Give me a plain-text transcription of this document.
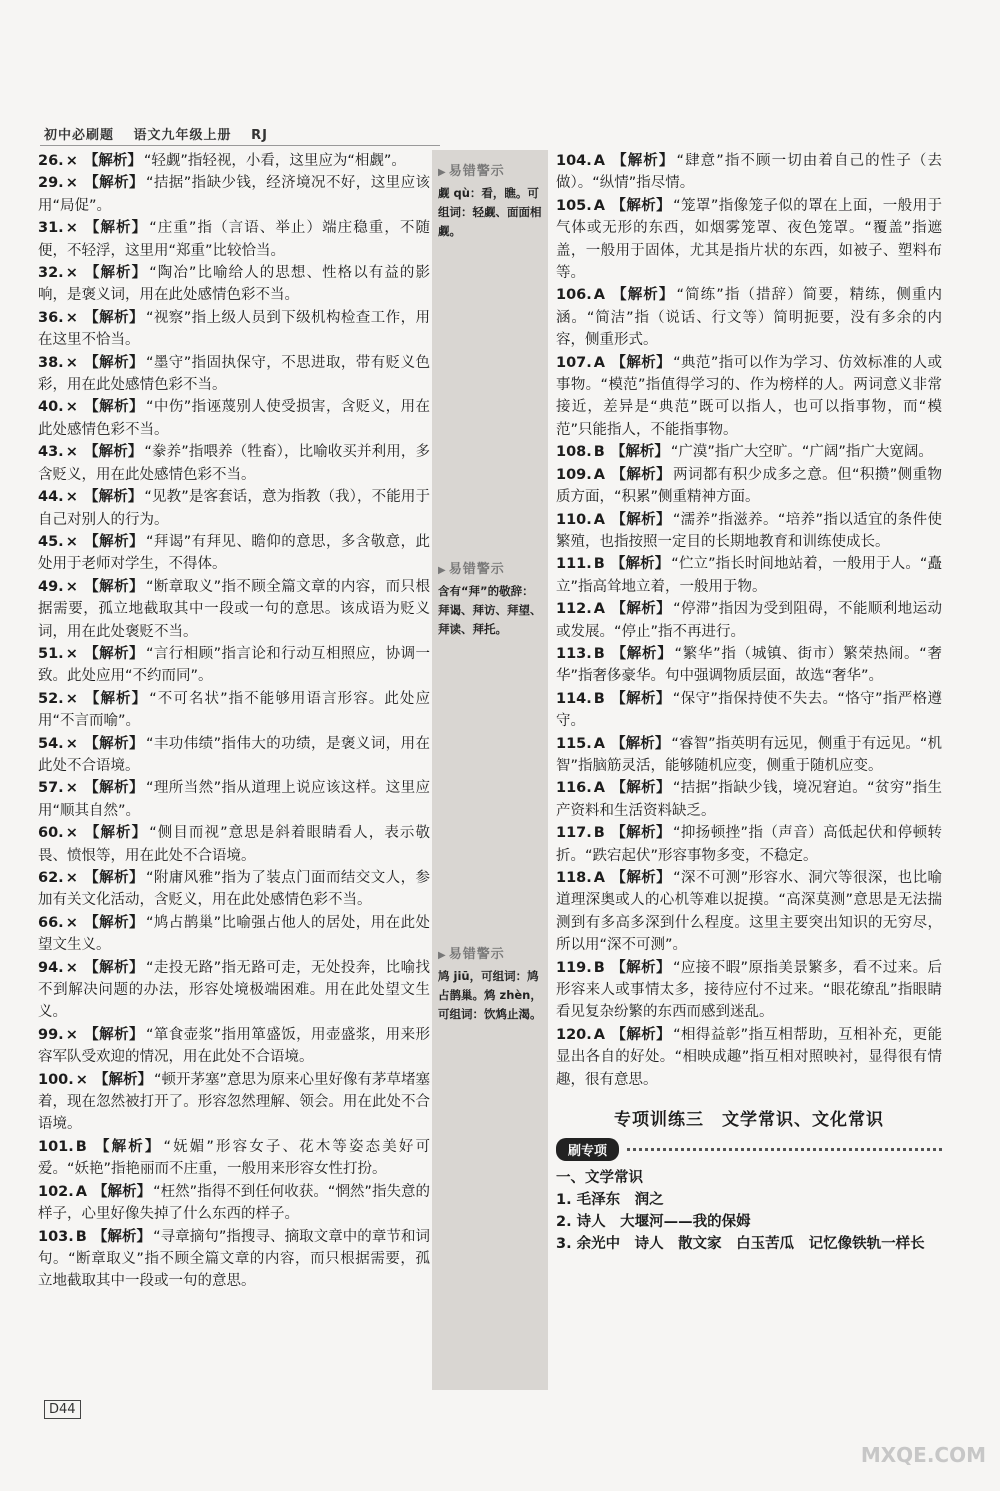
初中必刷题 语文九年级上册 RJ
26. × 【解析】 “轻觑”指轻视，小看，这里应为“相觑”。
29. × 【解析】 “拮据”指缺少钱，经济境况不好，这里应该用“局促”。
31. × 【解析】 “庄重”指（言语、举止）端庄稳重，不随便，不轻浮，这里用“郑重”比较恰当。
32. × 【解析】 “陶冶”比喻给人的思想、性格以有益的影响，是褒义词，用在此处感情色彩不当。
36. × 【解析】 “视察”指上级人员到下级机构检查工作，用在这里不恰当。
38. × 【解析】 “墨守”指固执保守，不思进取，带有贬义色彩，用在此处感情色彩不当。
40. × 【解析】 “中伤”指诬蔑别人使受损害，含贬义，用在此处感情色彩不当。
43. × 【解析】 “豢养”指喂养（牲畜），比喻收买并利用，多含贬义，用在此处感情色彩不当。
44. × 【解析】 “见教”是客套话，意为指教（我），不能用于自己对别人的行为。
45. × 【解析】 “拜谒”有拜见、瞻仰的意思，多含敬意，此处用于老师对学生，不得体。
49. × 【解析】 “断章取义”指不顾全篇文章的内容，而只根据需要，孤立地截取其中一段或一句的意思。该成语为贬义词，用在此处褒贬不当。
51. × 【解析】 “言行相顾”指言论和行动互相照应，协调一致。此处应用“不约而同”。
52. × 【解析】 “不可名状”指不能够用语言形容。此处应用“不言而喻”。
54. × 【解析】 “丰功伟绩”指伟大的功绩，是褒义词，用在此处不合语境。
57. × 【解析】 “理所当然”指从道理上说应该这样。这里应用“顺其自然”。
60. × 【解析】 “侧目而视”意思是斜着眼睛看人，表示敬畏、愤恨等，用在此处不合语境。
62. × 【解析】 “附庸风雅”指为了装点门面而结交文人，参加有关文化活动，含贬义，用在此处感情色彩不当。
66. × 【解析】 “鸠占鹊巢”比喻强占他人的居处，用在此处望文生义。
94. × 【解析】 “走投无路”指无路可走，无处投奔，比喻找不到解决问题的办法，形容处境极端困难。用在此处望文生义。
99. × 【解析】 “箪食壶浆”指用箪盛饭，用壶盛浆，用来形容军队受欢迎的情况，用在此处不合语境。
100. × 【解析】 “顿开茅塞”意思为原来心里好像有茅草堵塞着，现在忽然被打开了。形容忽然理解、领会。用在此处不合语境。
101. B 【解析】 “妩媚”形容女子、花木等姿态美好可爱。“妖艳”指艳丽而不庄重，一般用来形容女性打扮。
102. A 【解析】 “枉然”指得不到任何收获。“惘然”指失意的样子，心里好像失掉了什么东西的样子。
103. B 【解析】 “寻章摘句”指搜寻、摘取文章中的章节和词句。“断章取义”指不顾全篇文章的内容，而只根据需要，孤立地截取其中一段或一句的意思。
▶ 易错警示
觑 qù：看，瞧。可组词：轻觑、面面相觑。
▶ 易错警示
含有“拜”的敬辞：拜谒、拜访、拜望、拜读、拜托。
▶ 易错警示
鸠 jiū，可组词：鸠占鹊巢。鸩 zhèn，可组词：饮鸩止渴。
104. A 【解析】 “肆意”指不顾一切由着自己的性子（去做）。“纵情”指尽情。
105. A 【解析】 “笼罩”指像笼子似的罩在上面，一般用于气体或无形的东西，如烟雾笼罩、夜色笼罩。“覆盖”指遮盖，一般用于固体，尤其是指片状的东西，如被子、塑料布等。
106. A 【解析】 “简练”指（措辞）简要，精练，侧重内涵。“简洁”指（说话、行文等）简明扼要，没有多余的内容，侧重形式。
107. A 【解析】 “典范”指可以作为学习、仿效标准的人或事物。“模范”指值得学习的、作为榜样的人。两词意义非常接近，差异是“典范”既可以指人，也可以指事物，而“模范”只能指人，不能指事物。
108. B 【解析】 “广漠”指广大空旷。“广阔”指广大宽阔。
109. A 【解析】 两词都有积少成多之意。但“积攒”侧重物质方面，“积累”侧重精神方面。
110. A 【解析】 “濡养”指滋养。“培养”指以适宜的条件使繁殖，也指按照一定目的长期地教育和训练使成长。
111. B 【解析】 “伫立”指长时间地站着，一般用于人。“矗立”指高耸地立着，一般用于物。
112. A 【解析】 “停滞”指因为受到阻碍，不能顺利地运动或发展。“停止”指不再进行。
113. B 【解析】 “繁华”指（城镇、街市）繁荣热闹。“奢华”指奢侈豪华。句中强调物质层面，故选“奢华”。
114. B 【解析】 “保守”指保持使不失去。“恪守”指严格遵守。
115. A 【解析】 “睿智”指英明有远见，侧重于有远见。“机智”指脑筋灵活，能够随机应变，侧重于随机应变。
116. A 【解析】 “拮据”指缺少钱，境况窘迫。“贫穷”指生产资料和生活资料缺乏。
117. B 【解析】 “抑扬顿挫”指（声音）高低起伏和停顿转折。“跌宕起伏”形容事物多变，不稳定。
118. A 【解析】 “深不可测”形容水、洞穴等很深，也比喻道理深奥或人的心机等难以捉摸。“高深莫测”意思是无法揣测到有多高多深到什么程度。这里主要突出知识的无穷尽，所以用“深不可测”。
119. B 【解析】 “应接不暇”原指美景繁多，看不过来。后形容来人或事情太多，接待应付不过来。“眼花缭乱”指眼睛看见复杂纷繁的东西而感到迷乱。
120. A 【解析】 “相得益彰”指互相帮助，互相补充，更能显出各自的好处。“相映成趣”指互相对照映衬，显得很有情趣，很有意思。
专项训练三　文学常识、文化常识
刷专项
一、文学常识
1. 毛泽东　润之
2. 诗人　大堰河——我的保姆
3. 余光中　诗人　散文家　白玉苦瓜　记忆像铁轨一样长
D44
MXQE.COM
